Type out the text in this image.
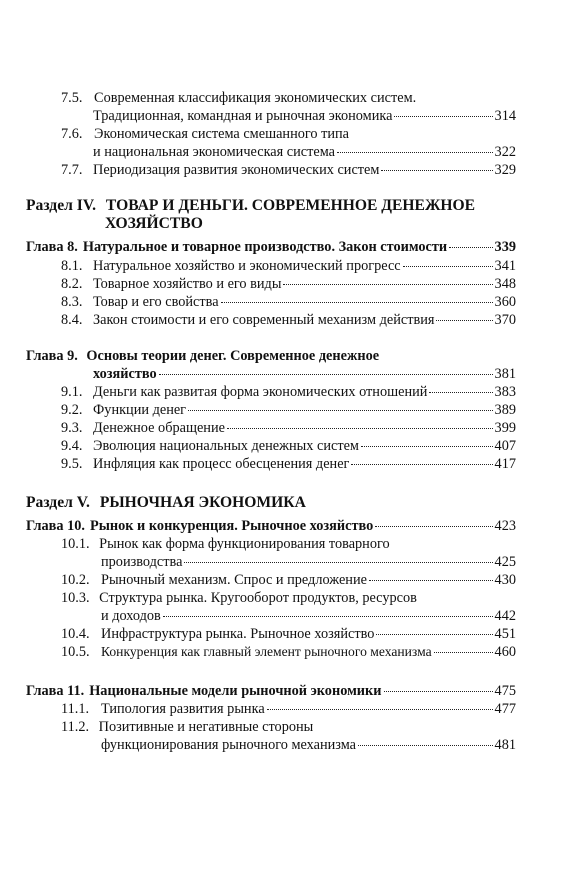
7.5. Современная классификация экономических систем.
Традиционная, командная и рыночная экономика	314
7.6. Экономическая система смешанного типа
и национальная экономическая система	322
7.7. Периодизация развития экономических систем	329
Раздел IV. ТОВАР И ДЕНЬГИ. СОВРЕМЕННОЕ ДЕНЕЖНОЕ
ХОЗЯЙСТВО
Глава 8. Натуральное и товарное производство. Закон стоимости	339
8.1. Натуральное хозяйство и экономический прогресс	341
8.2. Товарное хозяйство и его виды	348
8.3. Товар и его свойства	360
8.4. Закон стоимости и его современный механизм действия	370
Глава 9. Основы теории денег. Современное денежное
хозяйство	381
9.1. Деньги как развитая форма экономических отношений	383
9.2. Функции денег	389
9.3. Денежное обращение	399
9.4. Эволюция национальных денежных систем	407
9.5. Инфляция как процесс обесценения денег	417
Раздел V. РЫНОЧНАЯ ЭКОНОМИКА
Глава 10. Рынок и конкуренция. Рыночное хозяйство	423
10.1. Рынок как форма функционирования товарного
производства	425
10.2. Рыночный механизм. Спрос и предложение	430
10.3. Структура рынка. Кругооборот продуктов, ресурсов
и доходов	442
10.4. Инфраструктура рынка. Рыночное хозяйство	451
10.5. Конкуренция как главный элемент рыночного механизма	460
Глава 11. Национальные модели рыночной экономики	475
11.1. Типология развития рынка	477
11.2. Позитивные и негативные стороны
функционирования рыночного механизма	481
